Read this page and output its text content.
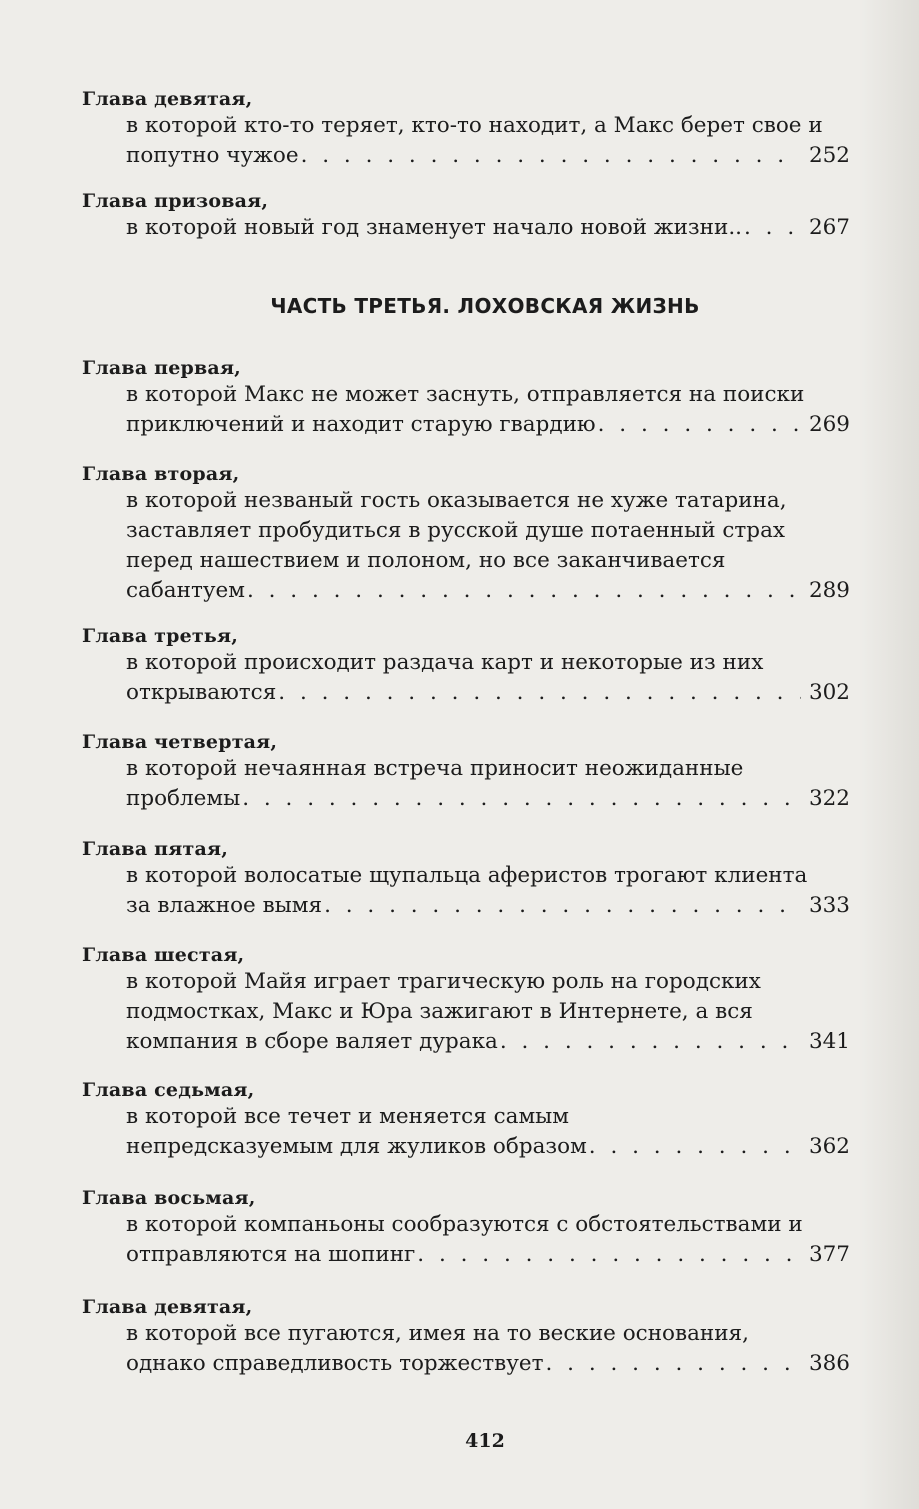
Глава девятая,
в которой кто-то теряет, кто-то находит, а Макс берет свое и
попутно чужое . . .	252
Глава призовая,
в которой новый год знаменует начало новой жизни.. . . .	267
Глава первая,
в которой Макс не может заснуть, отправляется на поиски
приключений и находит старую гвардию . . .	269
Глава вторая,
в которой незваный гость оказывается не хуже татарина,
заставляет пробудиться в русской душе потаенный страх
перед нашествием и полоном, но все заканчивается
сабантуем . . .	289
Глава третья,
в которой происходит раздача карт и некоторые из них
открываются . . .	302
Глава четвертая,
в которой нечаянная встреча приносит неожиданные
проблемы . . .	322
Глава пятая,
в которой волосатые щупальца аферистов трогают клиента
за влажное вымя . . .	333
Глава шестая,
в которой Майя играет трагическую роль на городских
подмостках, Макс и Юра зажигают в Интернете, а вся
компания в сборе валяет дурака . . .	341
Глава седьмая,
в которой все течет и меняется самым
непредсказуемым для жуликов образом . . .	362
Глава восьмая,
в которой компаньоны сообразуются с обстоятельствами и
отправляются на шопинг . . .	377
Глава девятая,
в которой все пугаются, имея на то веские основания,
однако справедливость торжествует . . .	386
ЧАСТЬ ТРЕТЬЯ. ЛОХОВСКАЯ ЖИЗНЬ
412
